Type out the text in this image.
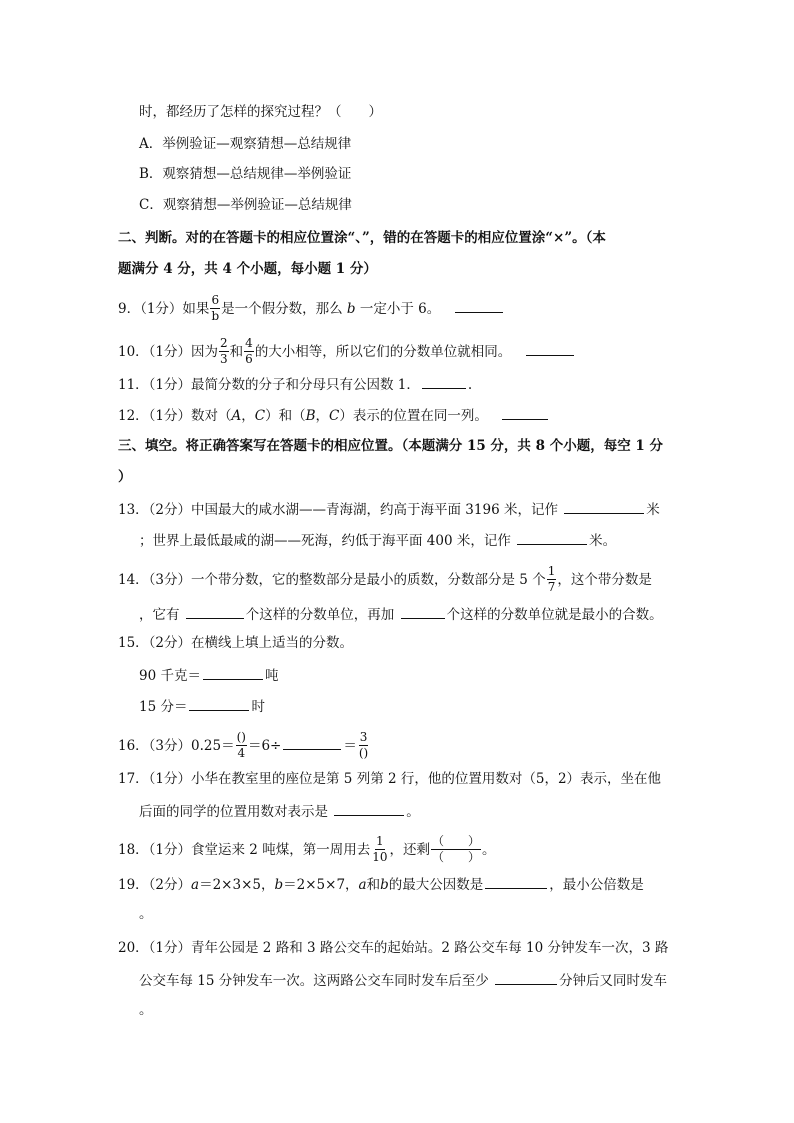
时，都经历了怎样的探究过程？（　　）
A．举例验证—观察猜想—总结规律
B．观察猜想—总结规律—举例验证
C．观察猜想—举例验证—总结规律
二、判断。对的在答题卡的相应位置涂“、”，错的在答题卡的相应位置涂“×”。（本
题满分 4 分，共 4 个小题，每小题 1 分）
9．（1分）如果 $\frac{6}{b}$ 是一个假分数，那么 b 一定小于 6。
10．（1分）因为 $\frac{2}{3}$ 和 $\frac{4}{6}$ 的大小相等，所以它们的分数单位就相同。
11．（1分）最简分数的分子和分母只有公因数 1．	.
12．（1分）数对（A，C）和（B，C）表示的位置在同一列。
三、填空。将正确答案写在答题卡的相应位置。（本题满分 15 分，共 8 个小题，每空 1 分
）
13．（2分）中国最大的咸水湖——青海湖，约高于海平面 3196 米，记作	米
；世界上最低最咸的湖——死海，约低于海平面 400 米，记作	米。
14．（3分）一个带分数，它的整数部分是最小的质数，分数部分是 5 个 $\frac{1}{7}$ ，这个带分数是
，它有	个这样的分数单位，再加	个这样的分数单位就是最小的合数。
15．（2分）在横线上填上适当的分数。
90 千克＝	吨
15 分＝	时
16．（3分）$0.25= \frac{()}{4} =6\div$	＝ $\frac{3}{()}$
17．（1分）小华在教室里的座位是第 5 列第 2 行，他的位置用数对（5，2）表示，坐在他
后面的同学的位置用数对表示是	。
18．（1分）食堂运来 2 吨煤，第一周用去 $\frac{1}{10}$ ，还剩 $\frac{( )}{( )}$ 。
19．（2分）a＝2×3×5，b＝2×5×7，a和b的最大公因数是	，最小公倍数是
。
20．（1分）青年公园是 2 路和 3 路公交车的起始站。2 路公交车每 10 分钟发车一次，3 路
公交车每 15 分钟发车一次。这两路公交车同时发车后至少	分钟后又同时发车
。
